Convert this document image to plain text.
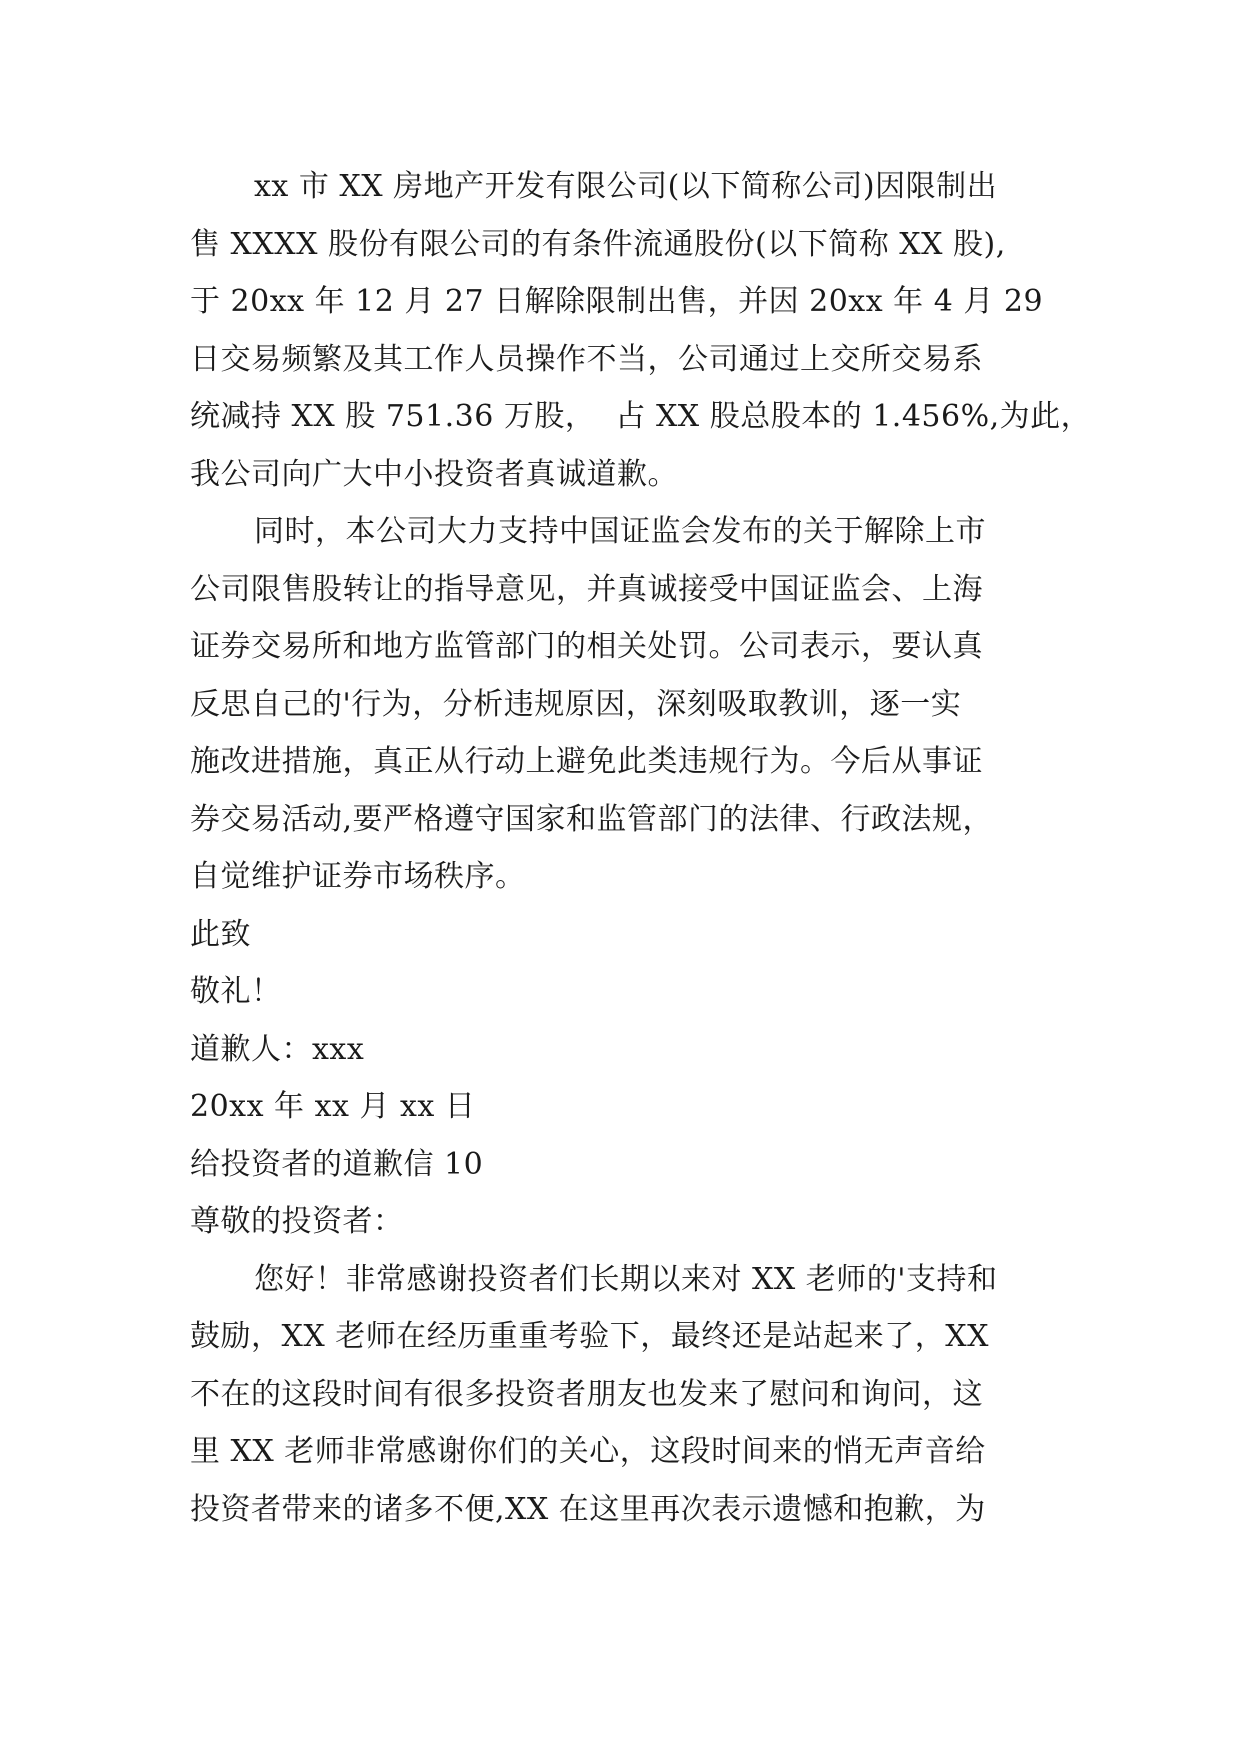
xx 市 XX 房地产开发有限公司(以下简称公司)因限制出
售 XXXX 股份有限公司的有条件流通股份(以下简称 XX 股),
于 20xx 年 12 月 27 日解除限制出售，并因 20xx 年 4 月 29
日交易频繁及其工作人员操作不当，公司通过上交所交易系
统减持 XX 股 751.36 万股，  占 XX 股总股本的 1.456%,为此，
我公司向广大中小投资者真诚道歉。
同时，本公司大力支持中国证监会发布的关于解除上市
公司限售股转让的指导意见，并真诚接受中国证监会、上海
证券交易所和地方监管部门的相关处罚。公司表示，要认真
反思自己的'行为，分析违规原因，深刻吸取教训，逐一实
施改进措施，真正从行动上避免此类违规行为。今后从事证
券交易活动,要严格遵守国家和监管部门的法律、行政法规，
自觉维护证券市场秩序。
此致
敬礼！
道歉人：xxx
20xx 年 xx 月 xx 日
给投资者的道歉信 10
尊敬的投资者：
您好！非常感谢投资者们长期以来对 XX 老师的'支持和
鼓励，XX 老师在经历重重考验下，最终还是站起来了，XX
不在的这段时间有很多投资者朋友也发来了慰问和询问，这
里 XX 老师非常感谢你们的关心，这段时间来的悄无声音给
投资者带来的诸多不便,XX 在这里再次表示遗憾和抱歉，为
